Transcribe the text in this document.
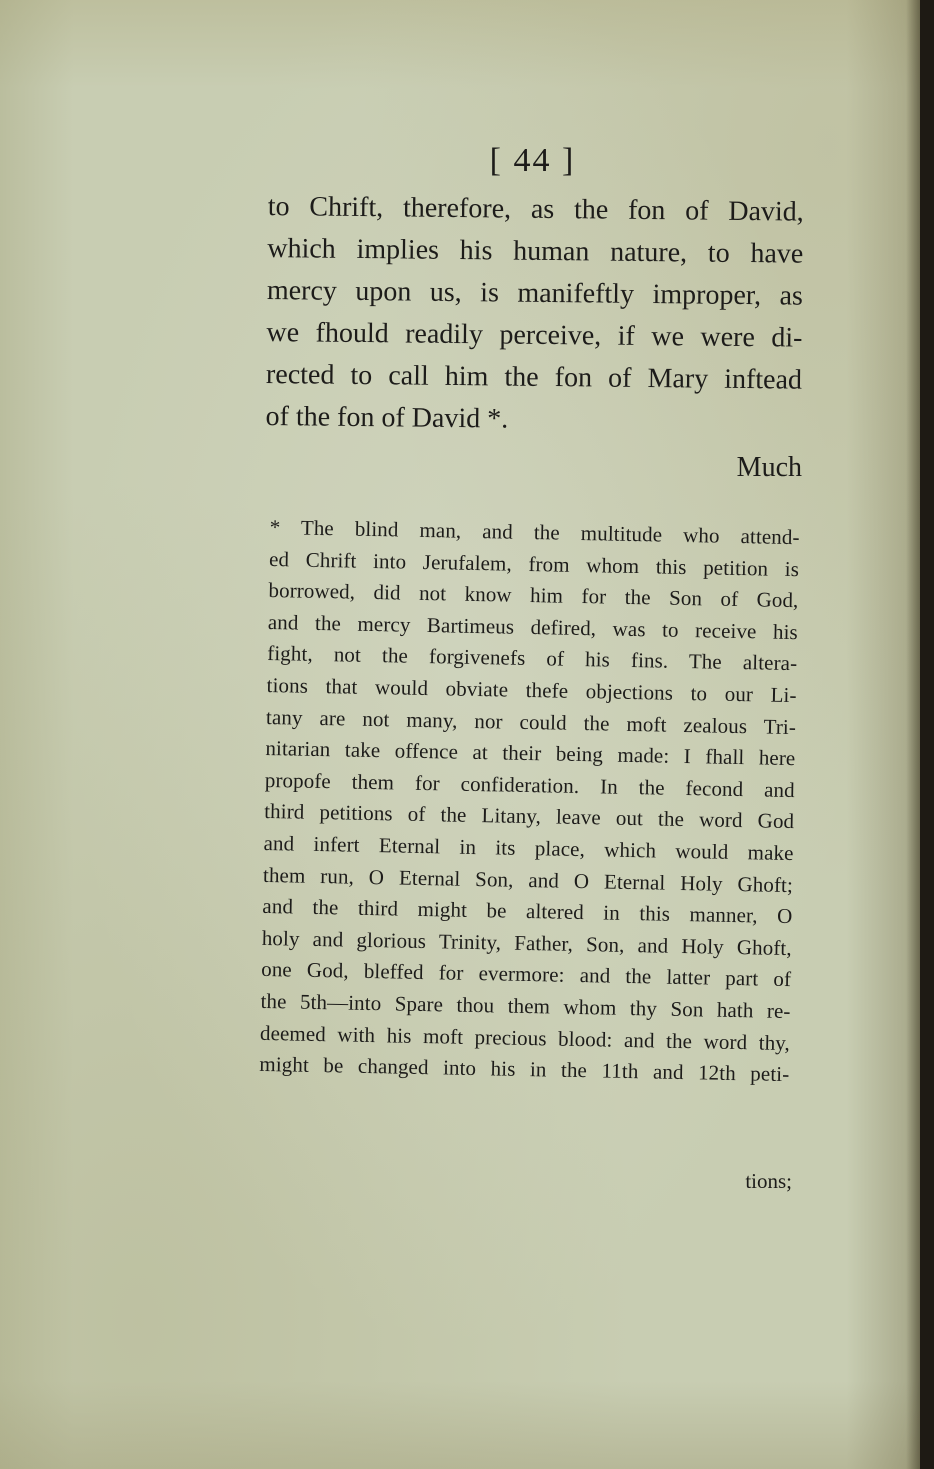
[ 44 ]
to Chrift, therefore, as the fon of David,
which implies his human nature, to have
mercy upon us, is manifeftly improper, as
we fhould readily perceive, if we were di-
rected to call him the fon of Mary inftead
of the fon of David *.
Much
* The blind man, and the multitude who attend-
ed Chrift into Jerufalem, from whom this petition is
borrowed, did not know him for the Son of God,
and the mercy Bartimeus defired, was to receive his
fight, not the forgivenefs of his fins. The altera-
tions that would obviate thefe objections to our Li-
tany are not many, nor could the moft zealous Tri-
nitarian take offence at their being made: I fhall here
propofe them for confideration. In the fecond and
third petitions of the Litany, leave out the word God
and infert Eternal in its place, which would make
them run, O Eternal Son, and O Eternal Holy Ghoft;
and the third might be altered in this manner, O
holy and glorious Trinity, Father, Son, and Holy Ghoft,
one God, bleffed for evermore: and the latter part of
the 5th—into Spare thou them whom thy Son hath re-
deemed with his moft precious blood: and the word thy,
might be changed into his in the 11th and 12th peti-
tions;
